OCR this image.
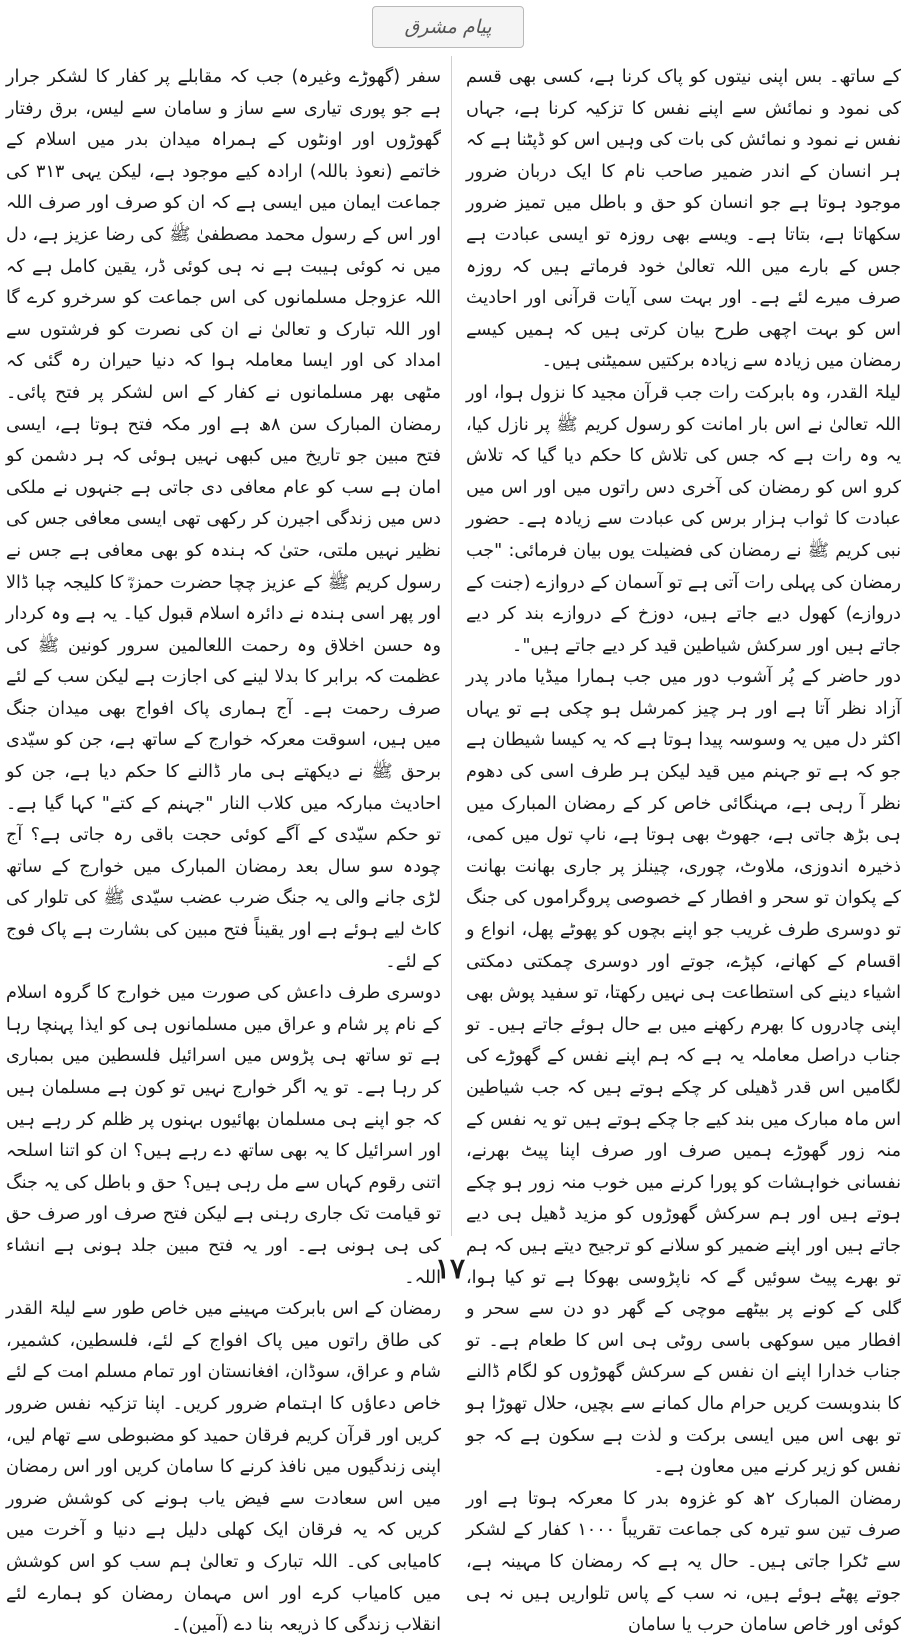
پیام مشرق

کے ساتھ۔ بس اپنی نیتوں کو پاک کرنا ہے، کسی بھی قسم کی نمود و نمائش سے اپنے نفس کا تزکیہ کرنا ہے، جہاں نفس نے نمود و نمائش کی بات کی وہیں اس کو ڈپٹنا ہے کہ ہر انسان کے اندر ضمیر صاحب نام کا ایک دربان ضرور موجود ہوتا ہے جو انسان کو حق و باطل میں تمیز ضرور سکھاتا ہے، بتاتا ہے۔ ویسے بھی روزہ تو ایسی عبادت ہے جس کے بارے میں اللہ تعالیٰ خود فرماتے ہیں کہ روزہ صرف میرے لئے ہے۔ اور بہت سی آیات قرآنی اور احادیث اس کو بہت اچھی طرح بیان کرتی ہیں کہ ہمیں کیسے رمضان میں زیادہ سے زیادہ برکتیں سمیٹنی ہیں۔

لیلۃ القدر، وہ بابرکت رات جب قرآن مجید کا نزول ہوا، اور اللہ تعالیٰ نے اس بار امانت کو رسول کریم ﷺ پر نازل کیا، یہ وہ رات ہے کہ جس کی تلاش کا حکم دیا گیا کہ تلاش کرو اس کو رمضان کی آخری دس راتوں میں اور اس میں عبادت کا ثواب ہزار برس کی عبادت سے زیادہ ہے۔ حضور نبی کریم ﷺ نے رمضان کی فضیلت یوں بیان فرمائی: "جب رمضان کی پہلی رات آتی ہے تو آسمان کے دروازے (جنت کے دروازے) کھول دیے جاتے ہیں، دوزخ کے دروازے بند کر دیے جاتے ہیں اور سرکش شیاطین قید کر دیے جاتے ہیں"۔

دور حاضر کے پُر آشوب دور میں جب ہمارا میڈیا مادر پدر آزاد نظر آتا ہے اور ہر چیز کمرشل ہو چکی ہے تو یہاں اکثر دل میں یہ وسوسہ پیدا ہوتا ہے کہ یہ کیسا شیطان ہے جو کہ ہے تو جہنم میں قید لیکن ہر طرف اسی کی دھوم نظر آ رہی ہے، مہنگائی خاص کر کے رمضان المبارک میں ہی بڑھ جاتی ہے، جھوٹ بھی ہوتا ہے، ناپ تول میں کمی، ذخیرہ اندوزی، ملاوٹ، چوری، چینلز پر جاری بھانت بھانت کے پکوان تو سحر و افطار کے خصوصی پروگراموں کی جنگ تو دوسری طرف غریب جو اپنے بچوں کو پھوٹے پھل، انواع و اقسام کے کھانے، کپڑے، جوتے اور دوسری چمکتی دمکتی اشیاء دینے کی استطاعت ہی نہیں رکھتا، تو سفید پوش بھی اپنی چادروں کا بھرم رکھنے میں بے حال ہوئے جاتے ہیں۔ تو جناب دراصل معاملہ یہ ہے کہ ہم اپنے نفس کے گھوڑے کی لگامیں اس قدر ڈھیلی کر چکے ہوتے ہیں کہ جب شیاطین اس ماہ مبارک میں بند کیے جا چکے ہوتے ہیں تو یہ نفس کے منہ زور گھوڑے ہمیں صرف اور صرف اپنا پیٹ بھرنے، نفسانی خواہشات کو پورا کرنے میں خوب منہ زور ہو چکے ہوتے ہیں اور ہم سرکش گھوڑوں کو مزید ڈھیل ہی دیے جاتے ہیں اور اپنے ضمیر کو سلانے کو ترجیح دیتے ہیں کہ ہم تو بھرے پیٹ سوئیں گے کہ ناپڑوسی بھوکا ہے تو کیا ہوا، گلی کے کونے پر بیٹھے موچی کے گھر دو دن سے سحر و افطار میں سوکھی باسی روٹی ہی اس کا طعام ہے۔ تو جناب خدارا اپنے ان نفس کے سرکش گھوڑوں کو لگام ڈالنے کا بندوبست کریں حرام مال کمانے سے بچیں، حلال تھوڑا ہو تو بھی اس میں ایسی برکت و لذت ہے سکون ہے کہ جو نفس کو زیر کرنے میں معاون ہے۔

رمضان المبارک ۲ھ کو غزوہ بدر کا معرکہ ہوتا ہے اور صرف تین سو تیرہ کی جماعت تقریباً ۱۰۰۰ کفار کے لشکر سے ٹکرا جاتی ہیں۔ حال یہ ہے کہ رمضان کا مہینہ ہے، جوتے پھٹے ہوئے ہیں، نہ سب کے پاس تلواریں ہیں نہ ہی کوئی اور خاص سامان حرب یا سامان

سفر (گھوڑے وغیرہ) جب کہ مقابلے پر کفار کا لشکر جرار ہے جو پوری تیاری سے ساز و سامان سے لیس، برق رفتار گھوڑوں اور اونٹوں کے ہمراہ میدان بدر میں اسلام کے خاتمے (نعوذ باللہ) ارادہ کیے موجود ہے، لیکن یہی ۳۱۳ کی جماعت ایمان میں ایسی ہے کہ ان کو صرف اور صرف اللہ اور اس کے رسول محمد مصطفیٰ ﷺ کی رضا عزیز ہے، دل میں نہ کوئی ہیبت ہے نہ ہی کوئی ڈر، یقین کامل ہے کہ اللہ عزوجل مسلمانوں کی اس جماعت کو سرخرو کرے گا اور اللہ تبارک و تعالیٰ نے ان کی نصرت کو فرشتوں سے امداد کی اور ایسا معاملہ ہوا کہ دنیا حیران رہ گئی کہ مٹھی بھر مسلمانوں نے کفار کے اس لشکر پر فتح پائی۔ رمضان المبارک سن ۸ھ ہے اور مکہ فتح ہوتا ہے، ایسی فتح مبین جو تاریخ میں کبھی نہیں ہوئی کہ ہر دشمن کو امان ہے سب کو عام معافی دی جاتی ہے جنہوں نے ملکی دس میں زندگی اجیرن کر رکھی تھی ایسی معافی جس کی نظیر نہیں ملتی، حتیٰ کہ ہندہ کو بھی معافی ہے جس نے رسول کریم ﷺ کے عزیز چچا حضرت حمزہؓ کا کلیجہ چبا ڈالا اور پھر اسی ہندہ نے دائرہ اسلام قبول کیا۔ یہ ہے وہ کردار وہ حسن اخلاق وہ رحمت اللعالمین سرور کونین ﷺ کی عظمت کہ برابر کا بدلا لینے کی اجازت ہے لیکن سب کے لئے صرف رحمت ہے۔ آج ہماری پاک افواج بھی میدان جنگ میں ہیں، اسوقت معرکہ خوارج کے ساتھ ہے، جن کو سیّدی برحق ﷺ نے دیکھتے ہی مار ڈالنے کا حکم دیا ہے، جن کو احادیث مبارکہ میں کلاب النار "جہنم کے کتے" کہا گیا ہے۔ تو حکم سیّدی کے آگے کوئی حجت باقی رہ جاتی ہے؟ آج چودہ سو سال بعد رمضان المبارک میں خوارج کے ساتھ لڑی جانے والی یہ جنگ ضرب عضب سیّدی ﷺ کی تلوار کی کاٹ لیے ہوئے ہے اور یقیناً فتح مبین کی بشارت ہے پاک فوج کے لئے۔

دوسری طرف داعش کی صورت میں خوارج کا گروہ اسلام کے نام پر شام و عراق میں مسلمانوں ہی کو ایذا پہنچا رہا ہے تو ساتھ ہی پڑوس میں اسرائیل فلسطین میں بمباری کر رہا ہے۔ تو یہ اگر خوارج نہیں تو کون ہے مسلمان ہیں کہ جو اپنے ہی مسلمان بھائیوں بہنوں پر ظلم کر رہے ہیں اور اسرائیل کا یہ بھی ساتھ دے رہے ہیں؟ ان کو اتنا اسلحہ اتنی رقوم کہاں سے مل رہی ہیں؟ حق و باطل کی یہ جنگ تو قیامت تک جاری رہنی ہے لیکن فتح صرف اور صرف حق کی ہی ہونی ہے۔ اور یہ فتح مبین جلد ہونی ہے انشاء اللہ۔

رمضان کے اس بابرکت مہینے میں خاص طور سے لیلۃ القدر کی طاق راتوں میں پاک افواج کے لئے، فلسطین، کشمیر، شام و عراق، سوڈان، افغانستان اور تمام مسلم امت کے لئے خاص دعاؤں کا اہتمام ضرور کریں۔ اپنا تزکیہ نفس ضرور کریں اور قرآن کریم فرقان حمید کو مضبوطی سے تھام لیں، اپنی زندگیوں میں نافذ کرنے کا سامان کریں اور اس رمضان میں اس سعادت سے فیض یاب ہونے کی کوشش ضرور کریں کہ یہ فرقان ایک کھلی دلیل ہے دنیا و آخرت میں کامیابی کی۔ اللہ تبارک و تعالیٰ ہم سب کو اس کوشش میں کامیاب کرے اور اس مہمان رمضان کو ہمارے لئے انقلاب زندگی کا ذریعہ بنا دے (آمین)۔

۱۷
